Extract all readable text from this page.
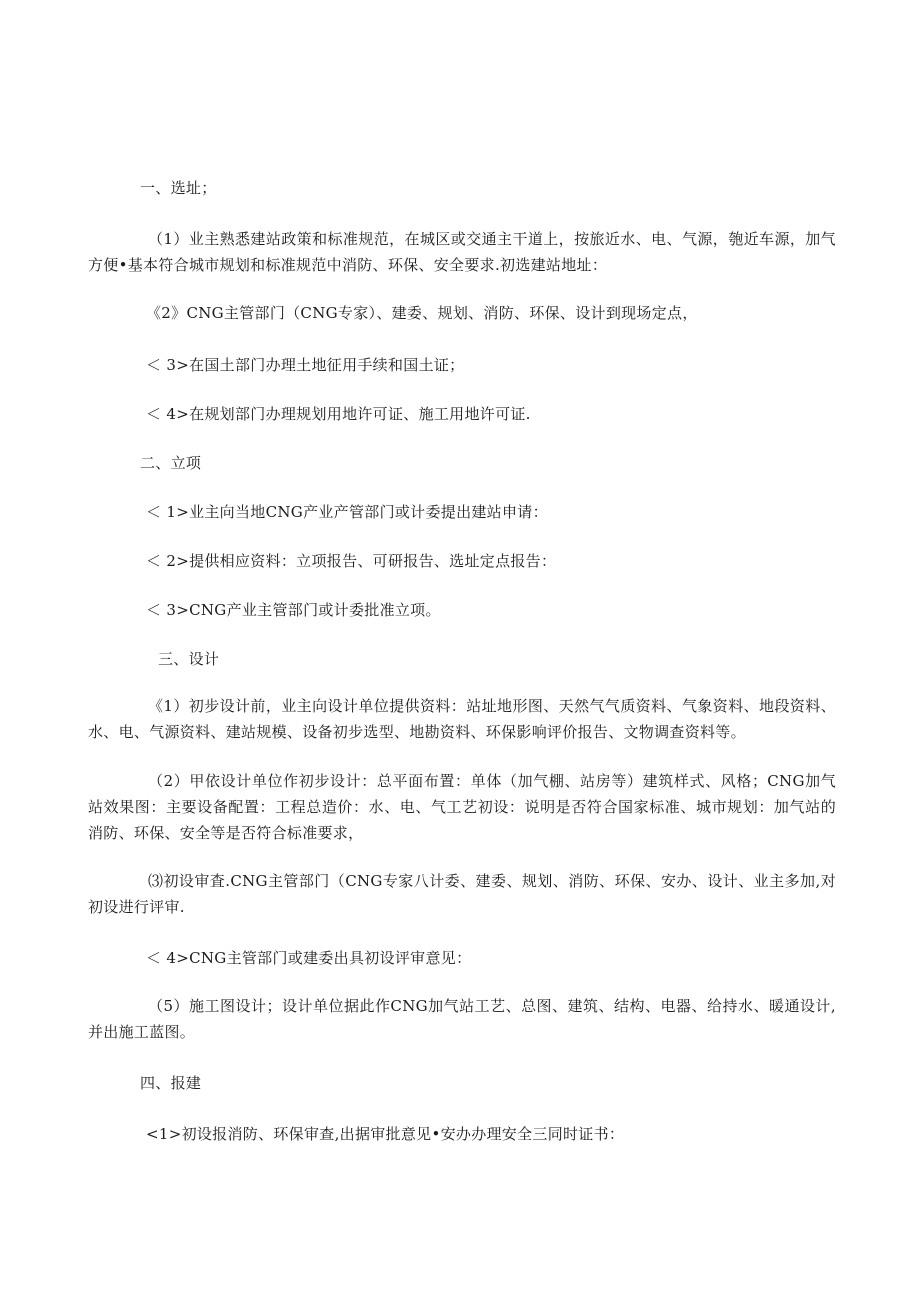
一、选址；
（1）业主熟悉建站政策和标准规范，在城区或交通主干道上，按旅近水、电、气源，匏近车源，加气方便•基本符合城市规划和标准规范中消防、环保、安全要求.初选建站地址：
《2》CNG主管部门（CNG专家）、建委、规划、消防、环保、设计到现场定点，
＜ 3>在国土部门办理土地征用手续和国土证；
＜ 4>在规划部门办理规划用地许可证、施工用地许可证.
二、立项
＜ 1>业主向当地CNG产业产管部门或计委提出建站申请：
＜ 2>提供相应资料：立项报告、可研报告、选址定点报告：
＜ 3>CNG产业主管部门或计委批准立项。
三、设计
《1）初步设计前，业主向设计单位提供资料：站址地形图、天然气气质资料、气象资料、地段资料、水、电、气源资料、建站规模、设备初步选型、地勘资料、环保影响评价报告、文物调查资料等。
（2）甲依设计单位作初步设计：总平面布置：单体（加气棚、站房等）建筑样式、风格；CNG加气站效果图：主要设备配置：工程总造价：水、电、气工艺初设：说明是否符合国家标准、城市规划：加气站的消防、环保、安全等是否符合标准要求，
⑶初设审査.CNG主管部门（CNG专家八计委、建委、规划、消防、环保、安办、设计、业主多加,对初设进行评审.
＜ 4>CNG主管部门或建委出具初设评审意见：
（5）施工图设计；设计单位据此作CNG加气站工艺、总图、建筑、结构、电器、给持水、暖通设计,并出施工蓝图。
四、报建
<1>初设报消防、环保审查,出据审批意见•安办办理安全三同时证书：
